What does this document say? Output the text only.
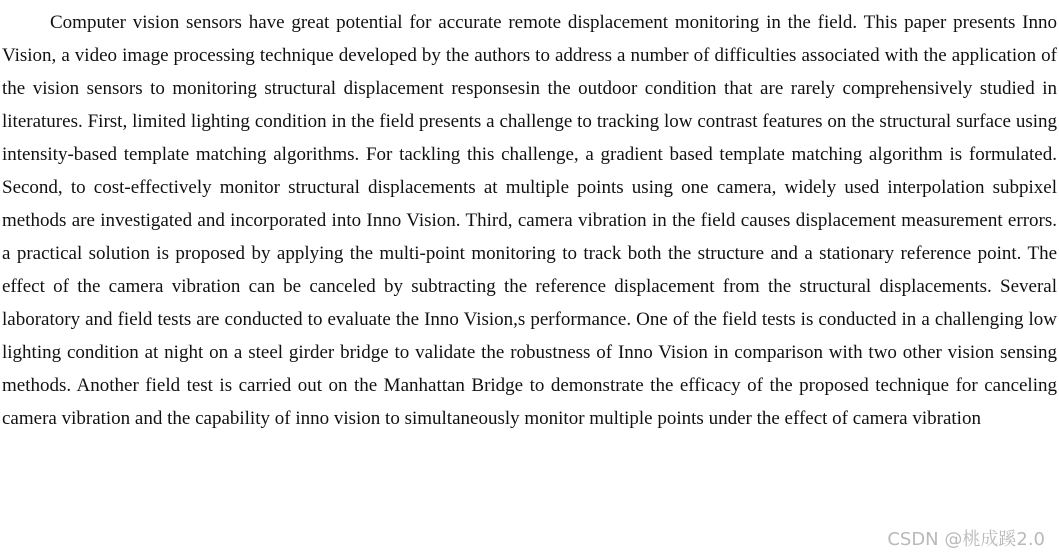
Computer vision sensors have great potential for accurate remote displacement monitoring in the field. This paper presents Inno Vision, a video image processing technique developed by the authors to address a number of difficulties associated with the application of the vision sensors to monitoring structural displacement responsesin the outdoor condition that are rarely comprehensively studied in literatures. First, limited lighting condition in the field presents a challenge to tracking low contrast features on the structural surface using intensity-based template matching algorithms. For tackling this challenge, a gradient based template matching algorithm is formulated. Second, to cost-effectively monitor structural displacements at multiple points using one camera, widely used interpolation subpixel methods are investigated and incorporated into Inno Vision. Third, camera vibration in the field causes displacement measurement errors. a practical solution is proposed by applying the multi-point monitoring to track both the structure and a stationary reference point. The effect of the camera vibration can be canceled by subtracting the reference displacement from the structural displacements. Several laboratory and field tests are conducted to evaluate the Inno Vision,s performance. One of the field tests is conducted in a challenging low lighting condition at night on a steel girder bridge to validate the robustness of Inno Vision in comparison with two other vision sensing methods. Another field test is carried out on the Manhattan Bridge to demonstrate the efficacy of the proposed technique for canceling camera vibration and the capability of inno vision to simultaneously monitor multiple points under the effect of camera vibration

CSDN @桃成蹊2.0
